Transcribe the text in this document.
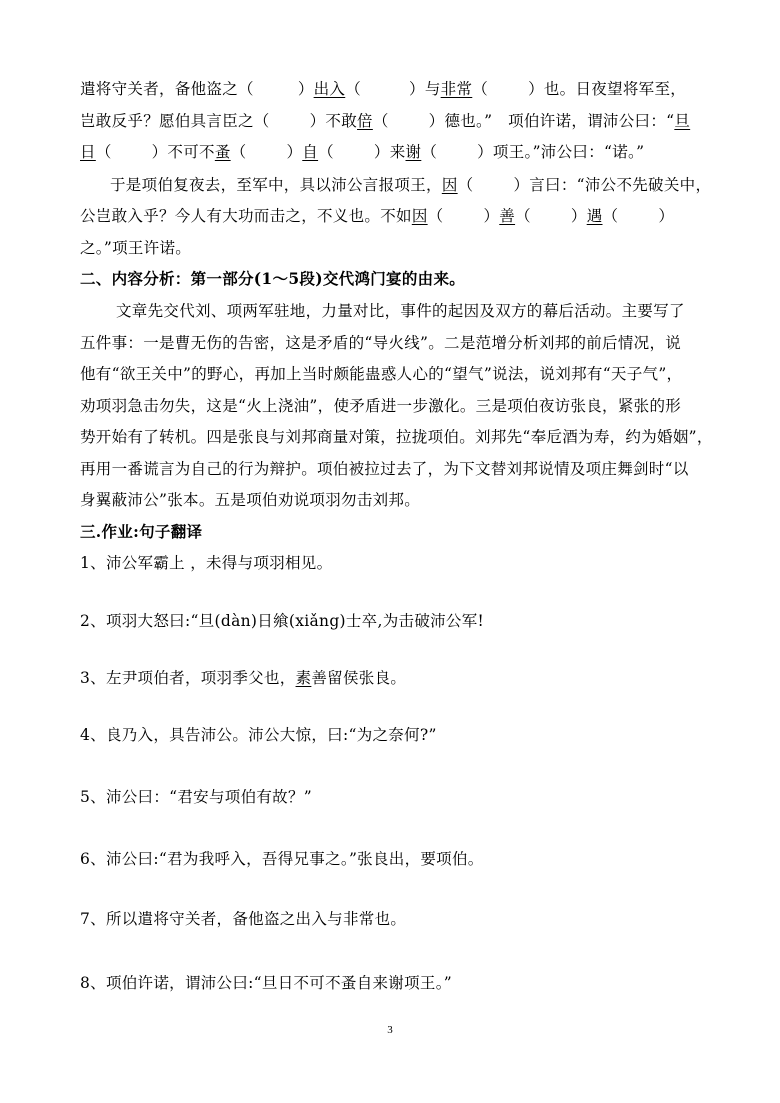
遣将守关者，备他盗之（	）出入（	）与非常（	）也。日夜望将军至，
岂敢反乎？愿伯具言臣之（	）不敢倍（	）德也。”　项伯许诺，谓沛公曰：“旦
日（	）不可不蚤（	）自（	）来谢（	）项王。”沛公曰：“诺。”
于是项伯复夜去，至军中，具以沛公言报项王，因（	）言曰：“沛公不先破关中，
公岂敢入乎？今人有大功而击之，不义也。不如因（	）善（	）遇（	）
之。”项王许诺。
二、内容分析：第一部分(1～5段)交代鸿门宴的由来。
文章先交代刘、项两军驻地，力量对比，事件的起因及双方的幕后活动。主要写了
五件事：一是曹无伤的告密，这是矛盾的“导火线”。二是范增分析刘邦的前后情况，说
他有“欲王关中”的野心，再加上当时颇能蛊惑人心的“望气”说法，说刘邦有“天子气”，
劝项羽急击勿失，这是“火上浇油”，使矛盾进一步激化。三是项伯夜访张良，紧张的形
势开始有了转机。四是张良与刘邦商量对策，拉拢项伯。刘邦先“奉卮酒为寿，约为婚姻”，
再用一番谎言为自己的行为辩护。项伯被拉过去了，为下文替刘邦说情及项庄舞剑时“以
身翼蔽沛公”张本。五是项伯劝说项羽勿击刘邦。
三.作业:句子翻译
1、沛公军霸上 ，未得与项羽相见。
2、项羽大怒曰:“旦(dàn)日飨(xiǎng)士卒,为击破沛公军!
3、左尹项伯者，项羽季父也，素善留侯张良。
4、良乃入，具告沛公。沛公大惊，曰:“为之奈何?”
5、沛公曰：“君安与项伯有故？”
6、沛公曰:“君为我呼入，吾得兄事之。”张良出，要项伯。
7、所以遣将守关者，备他盗之出入与非常也。
8、项伯许诺，谓沛公曰:“旦日不可不蚤自来谢项王。”
3
